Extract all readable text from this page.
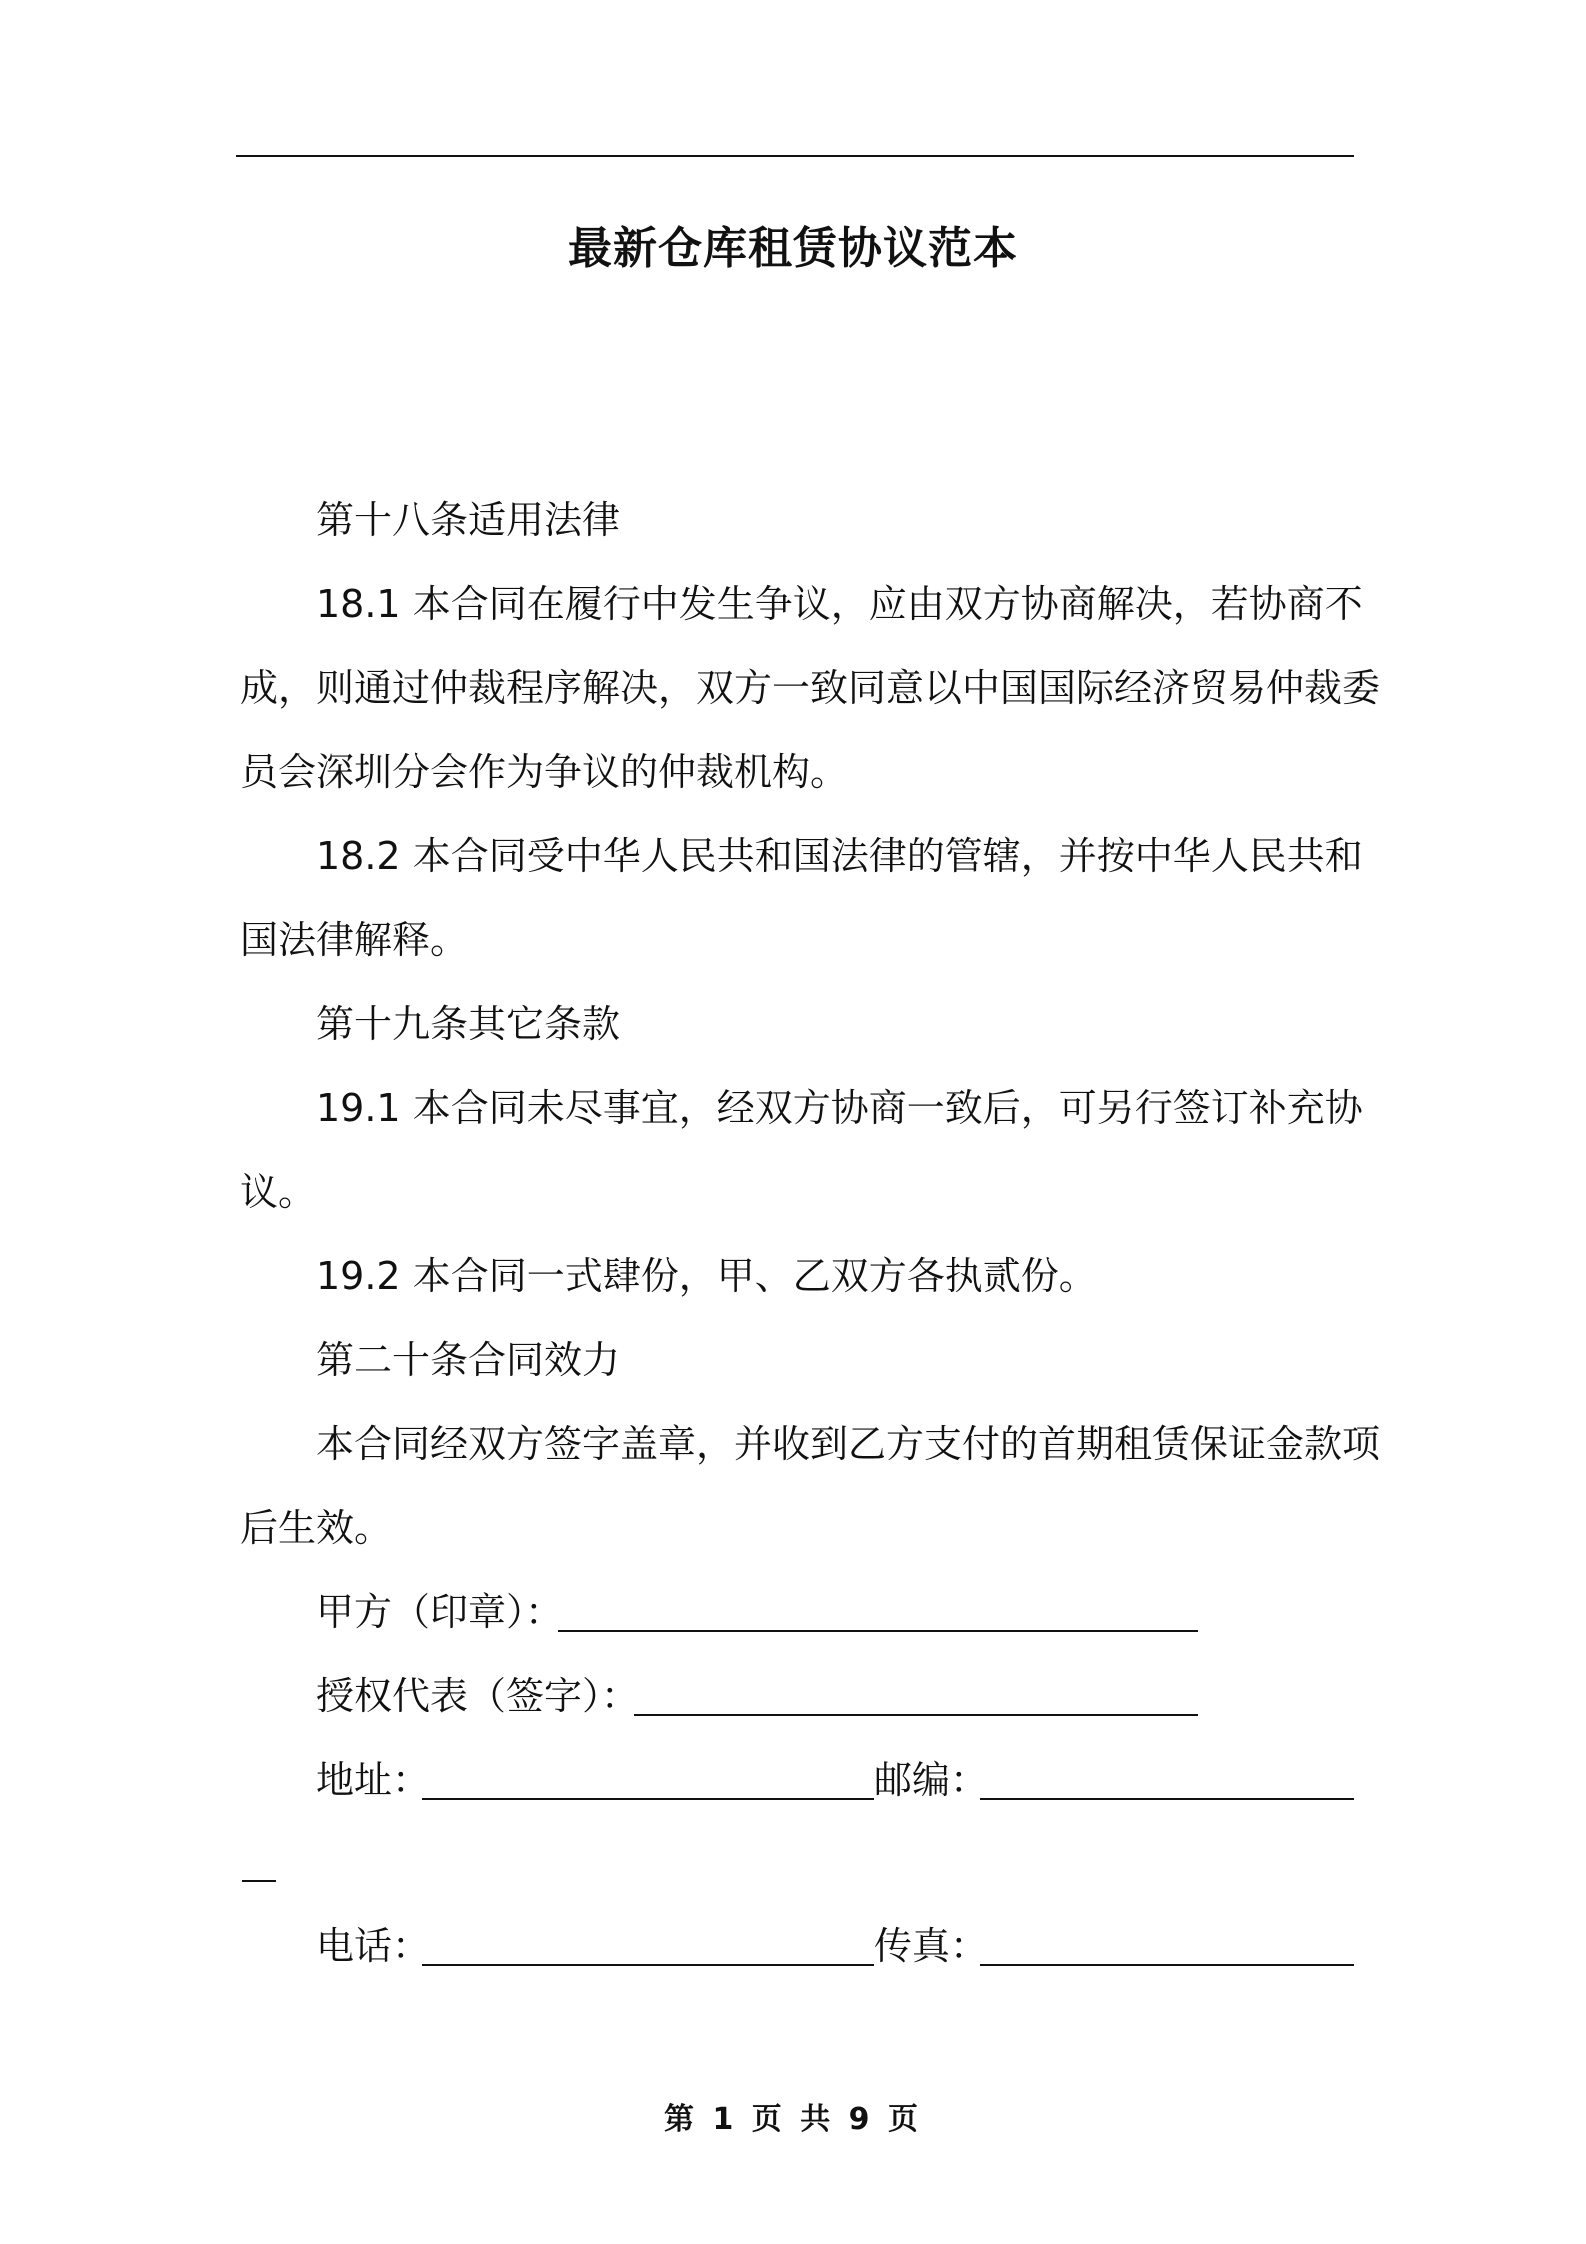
最新仓库租赁协议范本
第十八条适用法律
18.1 本合同在履行中发生争议，应由双方协商解决，若协商不
成，则通过仲裁程序解决，双方一致同意以中国国际经济贸易仲裁委
员会深圳分会作为争议的仲裁机构。
18.2 本合同受中华人民共和国法律的管辖，并按中华人民共和
国法律解释。
第十九条其它条款
19.1 本合同未尽事宜，经双方协商一致后，可另行签订补充协
议。
19.2 本合同一式肆份，甲、乙双方各执贰份。
第二十条合同效力
本合同经双方签字盖章，并收到乙方支付的首期租赁保证金款项
后生效。
甲方（印章）：
授权代表（签字）：
地址：	邮编：
电话：	传真：
第 1 页 共 9 页
